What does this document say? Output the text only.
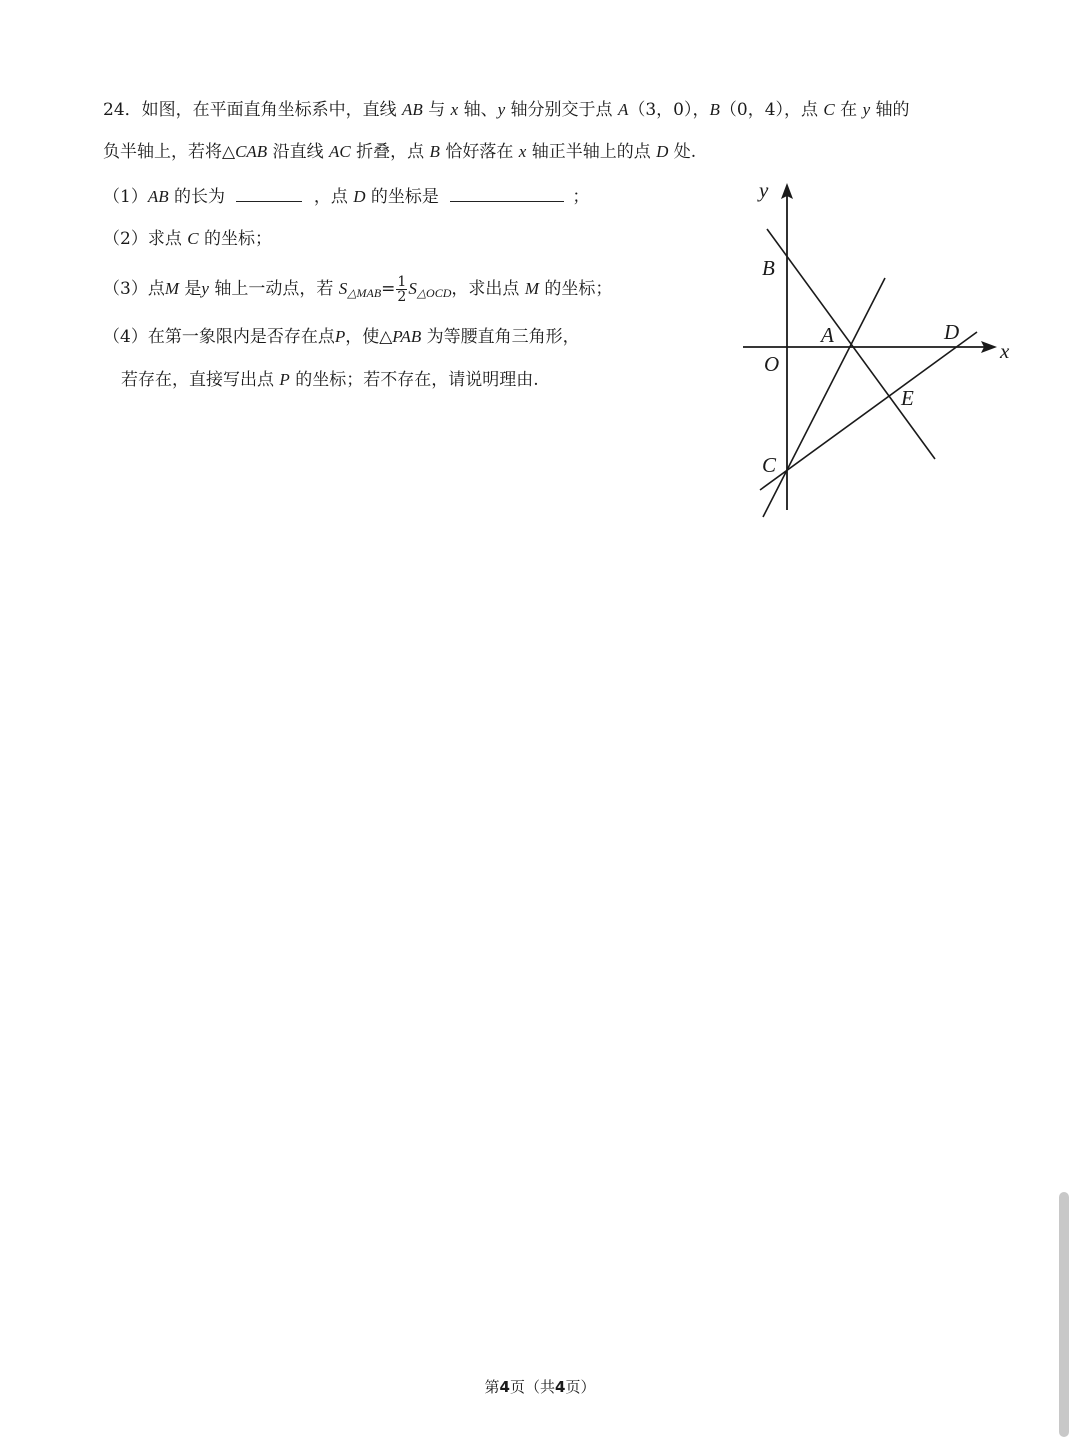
24．如图，在平面直角坐标系中，直线 AB 与 x 轴、y 轴分别交于点 A（3，0），B（0，4），点 C 在 y 轴的
负半轴上，若将△CAB 沿直线 AC 折叠，点 B 恰好落在 x 轴正半轴上的点 D 处.
（1）AB 的长为	，点 D 的坐标是	；
（2）求点 C 的坐标；
（3）点M 是y 轴上一动点，若 $S_{\triangle MAB}= \frac{1}{2} S_{\triangle OCD}$，求出点 M 的坐标；
（4）在第一象限内是否存在点P，使△PAB 为等腰直角三角形，
若存在，直接写出点 P 的坐标；若不存在，请说明理由.
y
x
B
A	D
O
E
C
第4页（共4页）
